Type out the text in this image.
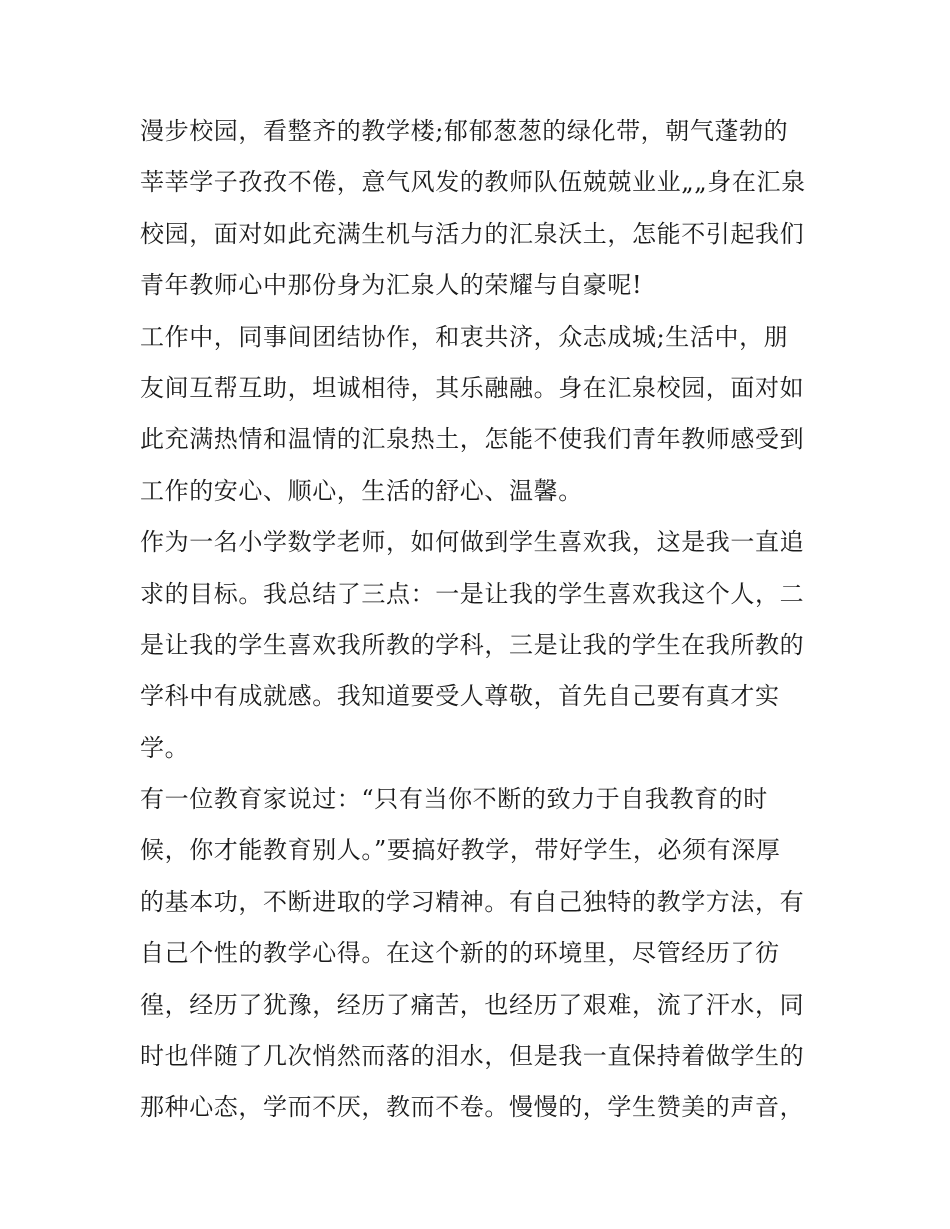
漫步校园，看整齐的教学楼;郁郁葱葱的绿化带，朝气蓬勃的
莘莘学子孜孜不倦，意气风发的教师队伍兢兢业业„„身在汇泉
校园，面对如此充满生机与活力的汇泉沃土，怎能不引起我们
青年教师心中那份身为汇泉人的荣耀与自豪呢!
工作中，同事间团结协作，和衷共济，众志成城;生活中，朋
友间互帮互助，坦诚相待，其乐融融。身在汇泉校园，面对如
此充满热情和温情的汇泉热土，怎能不使我们青年教师感受到
工作的安心、顺心，生活的舒心、温馨。
作为一名小学数学老师，如何做到学生喜欢我，这是我一直追
求的目标。我总结了三点：一是让我的学生喜欢我这个人，二
是让我的学生喜欢我所教的学科，三是让我的学生在我所教的
学科中有成就感。我知道要受人尊敬，首先自己要有真才实
学。
有一位教育家说过：“只有当你不断的致力于自我教育的时
候，你才能教育别人。”要搞好教学，带好学生，必须有深厚
的基本功，不断进取的学习精神。有自己独特的教学方法，有
自己个性的教学心得。在这个新的的环境里，尽管经历了彷
徨，经历了犹豫，经历了痛苦，也经历了艰难，流了汗水，同
时也伴随了几次悄然而落的泪水，但是我一直保持着做学生的
那种心态，学而不厌，教而不卷。慢慢的，学生赞美的声音，
